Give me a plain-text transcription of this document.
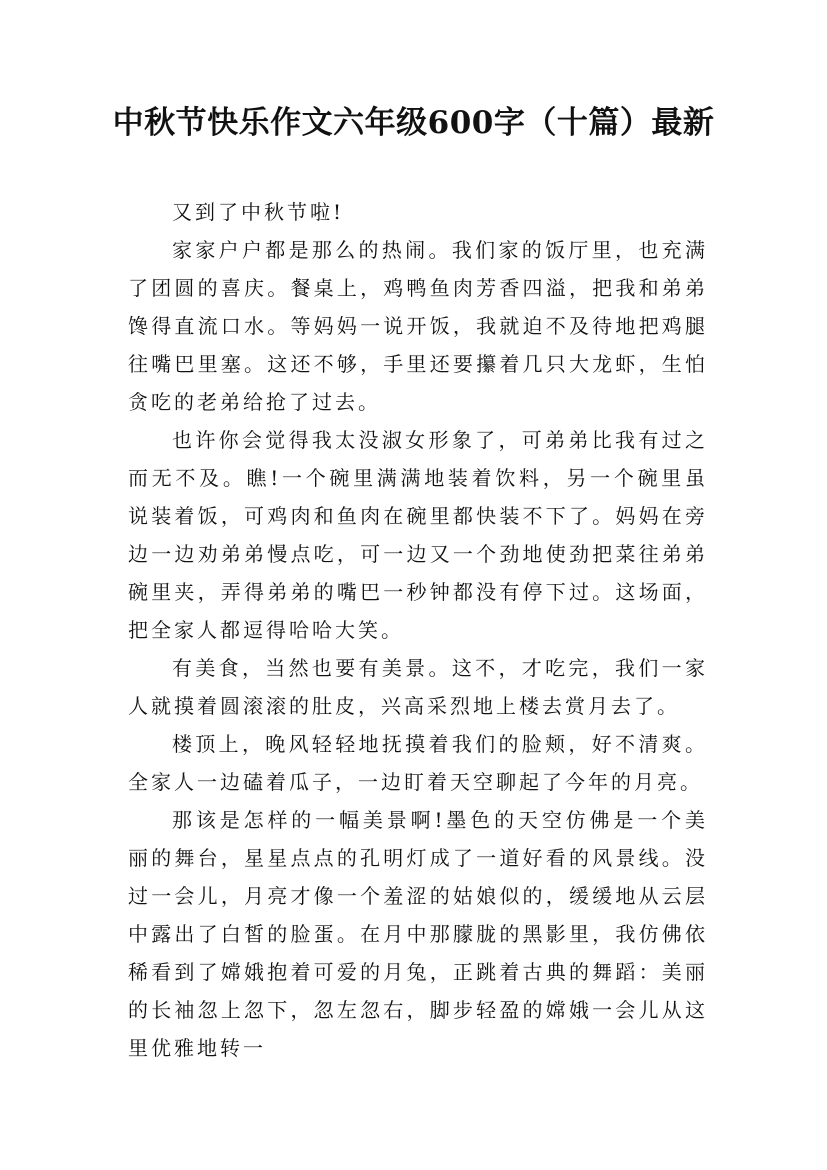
中秋节快乐作文六年级600字（十篇）最新

又到了中秋节啦!

家家户户都是那么的热闹。我们家的饭厅里，也充满了团圆的喜庆。餐桌上，鸡鸭鱼肉芳香四溢，把我和弟弟馋得直流口水。等妈妈一说开饭，我就迫不及待地把鸡腿往嘴巴里塞。这还不够，手里还要攥着几只大龙虾，生怕贪吃的老弟给抢了过去。

也许你会觉得我太没淑女形象了，可弟弟比我有过之而无不及。瞧!一个碗里满满地装着饮料，另一个碗里虽说装着饭，可鸡肉和鱼肉在碗里都快装不下了。妈妈在旁边一边劝弟弟慢点吃，可一边又一个劲地使劲把菜往弟弟碗里夹，弄得弟弟的嘴巴一秒钟都没有停下过。这场面，把全家人都逗得哈哈大笑。

有美食，当然也要有美景。这不，才吃完，我们一家人就摸着圆滚滚的肚皮，兴高采烈地上楼去赏月去了。

楼顶上，晚风轻轻地抚摸着我们的脸颊，好不清爽。全家人一边磕着瓜子，一边盯着天空聊起了今年的月亮。

那该是怎样的一幅美景啊!墨色的天空仿佛是一个美丽的舞台，星星点点的孔明灯成了一道好看的风景线。没过一会儿，月亮才像一个羞涩的姑娘似的，缓缓地从云层中露出了白皙的脸蛋。在月中那朦胧的黑影里，我仿佛依稀看到了嫦娥抱着可爱的月兔，正跳着古典的舞蹈：美丽的长袖忽上忽下，忽左忽右，脚步轻盈的嫦娥一会儿从这里优雅地转一
